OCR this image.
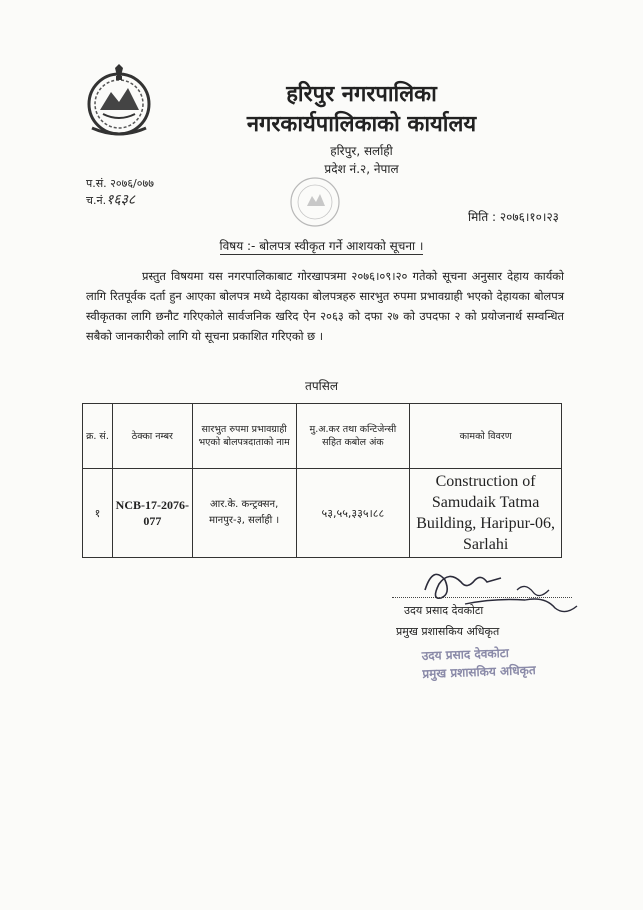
हरिपुर नगरपालिका
नगरकार्यपालिकाको कार्यालय
हरिपुर, सर्लाही
प्रदेश नं.२, नेपाल
प.सं. २०७६/०७७
च.नं.१६३८
मिति : २०७६।१०।२३
विषय :- बोलपत्र स्वीकृत गर्ने आशयको सूचना ।
प्रस्तुत विषयमा यस नगरपालिकाबाट गोरखापत्रमा २०७६।०९।२० गतेको सूचना अनुसार देहाय कार्यको लागि रितपूर्वक दर्ता हुन आएका बोलपत्र मध्ये देहायका बोलपत्रहरु सारभुत रुपमा प्रभावग्राही भएको देहायका बोलपत्र स्वीकृतका लागि छनौट गरिएकोले सार्वजनिक खरिद ऐन २०६३ को दफा २७ को उपदफा २ को प्रयोजनार्थ सम्वन्धित सबैको जानकारीको लागि यो सूचना प्रकाशित गरिएको छ ।
तपसिल
क्र. सं.	ठेक्का नम्बर	सारभुत रुपमा प्रभावग्राही भएको बोलपत्रदाताको नाम	मु.अ.कर तथा कन्टिजेन्सी सहित कबोल अंक	कामको विवरण
१	NCB-17-2076-077	आर.के. कन्ट्रक्सन, मानपुर-३, सर्लाही ।	५३,५५,३३५।८८	Construction of Samudaik Tatma Building, Haripur-06, Sarlahi
उदय प्रसाद देवकोटा
प्रमुख प्रशासकिय अधिकृत
उदय प्रसाद देवकोटा
प्रमुख प्रशासकिय अधिकृत
